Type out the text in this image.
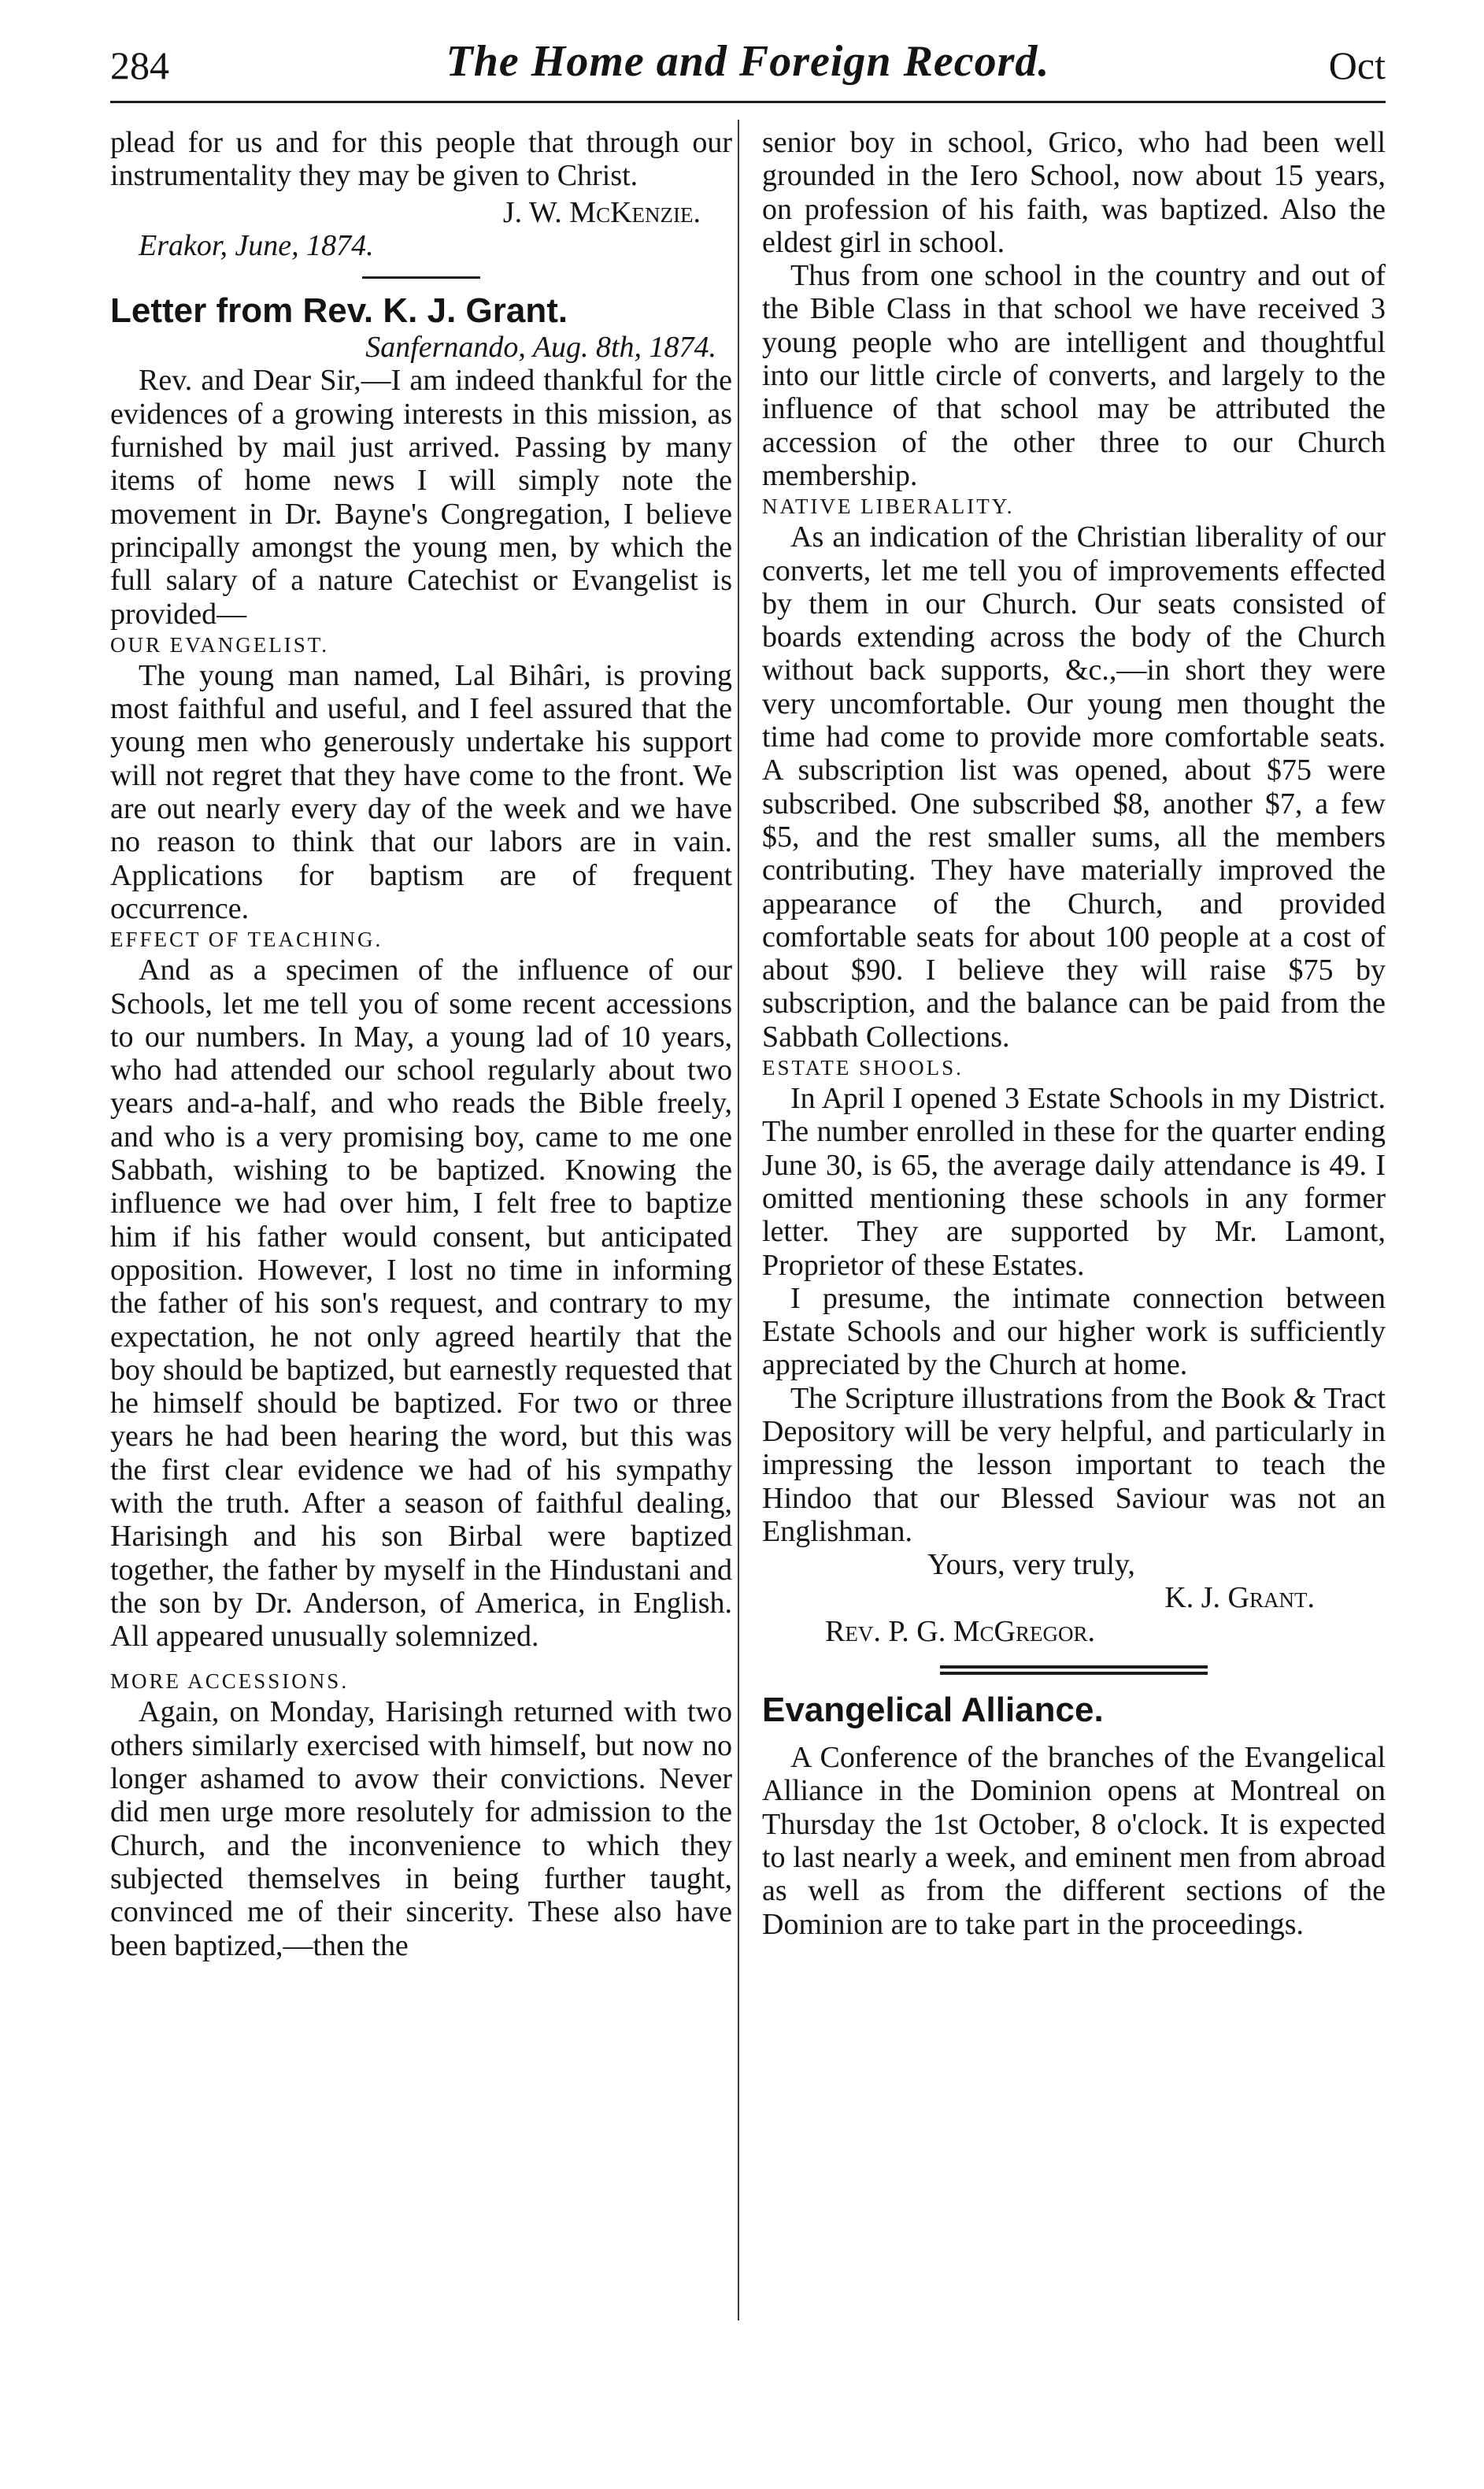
284	The Home and Foreign Record.	Oct

plead for us and for this people that through our instrumentality they may be given to Christ.

J. W. McKenzie.

Erakor, June, 1874.

Letter from Rev. K. J. Grant.

Sanfernando, Aug. 8th, 1874.

Rev. and Dear Sir,—I am indeed thankful for the evidences of a growing interests in this mission, as furnished by mail just arrived. Passing by many items of home news I will simply note the movement in Dr. Bayne's Congregation, I believe principally amongst the young men, by which the full salary of a nature Catechist or Evangelist is provided—

OUR EVANGELIST.

The young man named, Lal Bihâri, is proving most faithful and useful, and I feel assured that the young men who generously undertake his support will not regret that they have come to the front. We are out nearly every day of the week and we have no reason to think that our labors are in vain. Applications for baptism are of frequent occurrence.

EFFECT OF TEACHING.

And as a specimen of the influence of our Schools, let me tell you of some recent accessions to our numbers. In May, a young lad of 10 years, who had attended our school regularly about two years and-a-half, and who reads the Bible freely, and who is a very promising boy, came to me one Sabbath, wishing to be baptized. Knowing the influence we had over him, I felt free to baptize him if his father would consent, but anticipated opposition. However, I lost no time in informing the father of his son's request, and contrary to my expectation, he not only agreed heartily that the boy should be baptized, but earnestly requested that he himself should be baptized. For two or three years he had been hearing the word, but this was the first clear evidence we had of his sympathy with the truth. After a season of faithful dealing, Harisingh and his son Birbal were baptized together, the father by myself in the Hindustani and the son by Dr. Anderson, of America, in English. All appeared unusually solemnized.

MORE ACCESSIONS.

Again, on Monday, Harisingh returned with two others similarly exercised with himself, but now no longer ashamed to avow their convictions. Never did men urge more resolutely for admission to the Church, and the inconvenience to which they subjected themselves in being further taught, convinced me of their sincerity. These also have been baptized,—then the

senior boy in school, Grico, who had been well grounded in the Iero School, now about 15 years, on profession of his faith, was baptized. Also the eldest girl in school.

Thus from one school in the country and out of the Bible Class in that school we have received 3 young people who are intelligent and thoughtful into our little circle of converts, and largely to the influence of that school may be attributed the accession of the other three to our Church membership.

NATIVE LIBERALITY.

As an indication of the Christian liberality of our converts, let me tell you of improvements effected by them in our Church. Our seats consisted of boards extending across the body of the Church without back supports, &c.,—in short they were very uncomfortable. Our young men thought the time had come to provide more comfortable seats. A subscription list was opened, about $75 were subscribed. One subscribed $8, another $7, a few $5, and the rest smaller sums, all the members contributing. They have materially improved the appearance of the Church, and provided comfortable seats for about 100 people at a cost of about $90. I believe they will raise $75 by subscription, and the balance can be paid from the Sabbath Collections.

ESTATE SHOOLS.

In April I opened 3 Estate Schools in my District. The number enrolled in these for the quarter ending June 30, is 65, the average daily attendance is 49. I omitted mentioning these schools in any former letter. They are supported by Mr. Lamont, Proprietor of these Estates.

I presume, the intimate connection between Estate Schools and our higher work is sufficiently appreciated by the Church at home.

The Scripture illustrations from the Book & Tract Depository will be very helpful, and particularly in impressing the lesson important to teach the Hindoo that our Blessed Saviour was not an Englishman.

Yours, very truly,

K. J. Grant.

Rev. P. G. McGregor.

Evangelical Alliance.

A Conference of the branches of the Evangelical Alliance in the Dominion opens at Montreal on Thursday the 1st October, 8 o'clock. It is expected to last nearly a week, and eminent men from abroad as well as from the different sections of the Dominion are to take part in the proceedings.
